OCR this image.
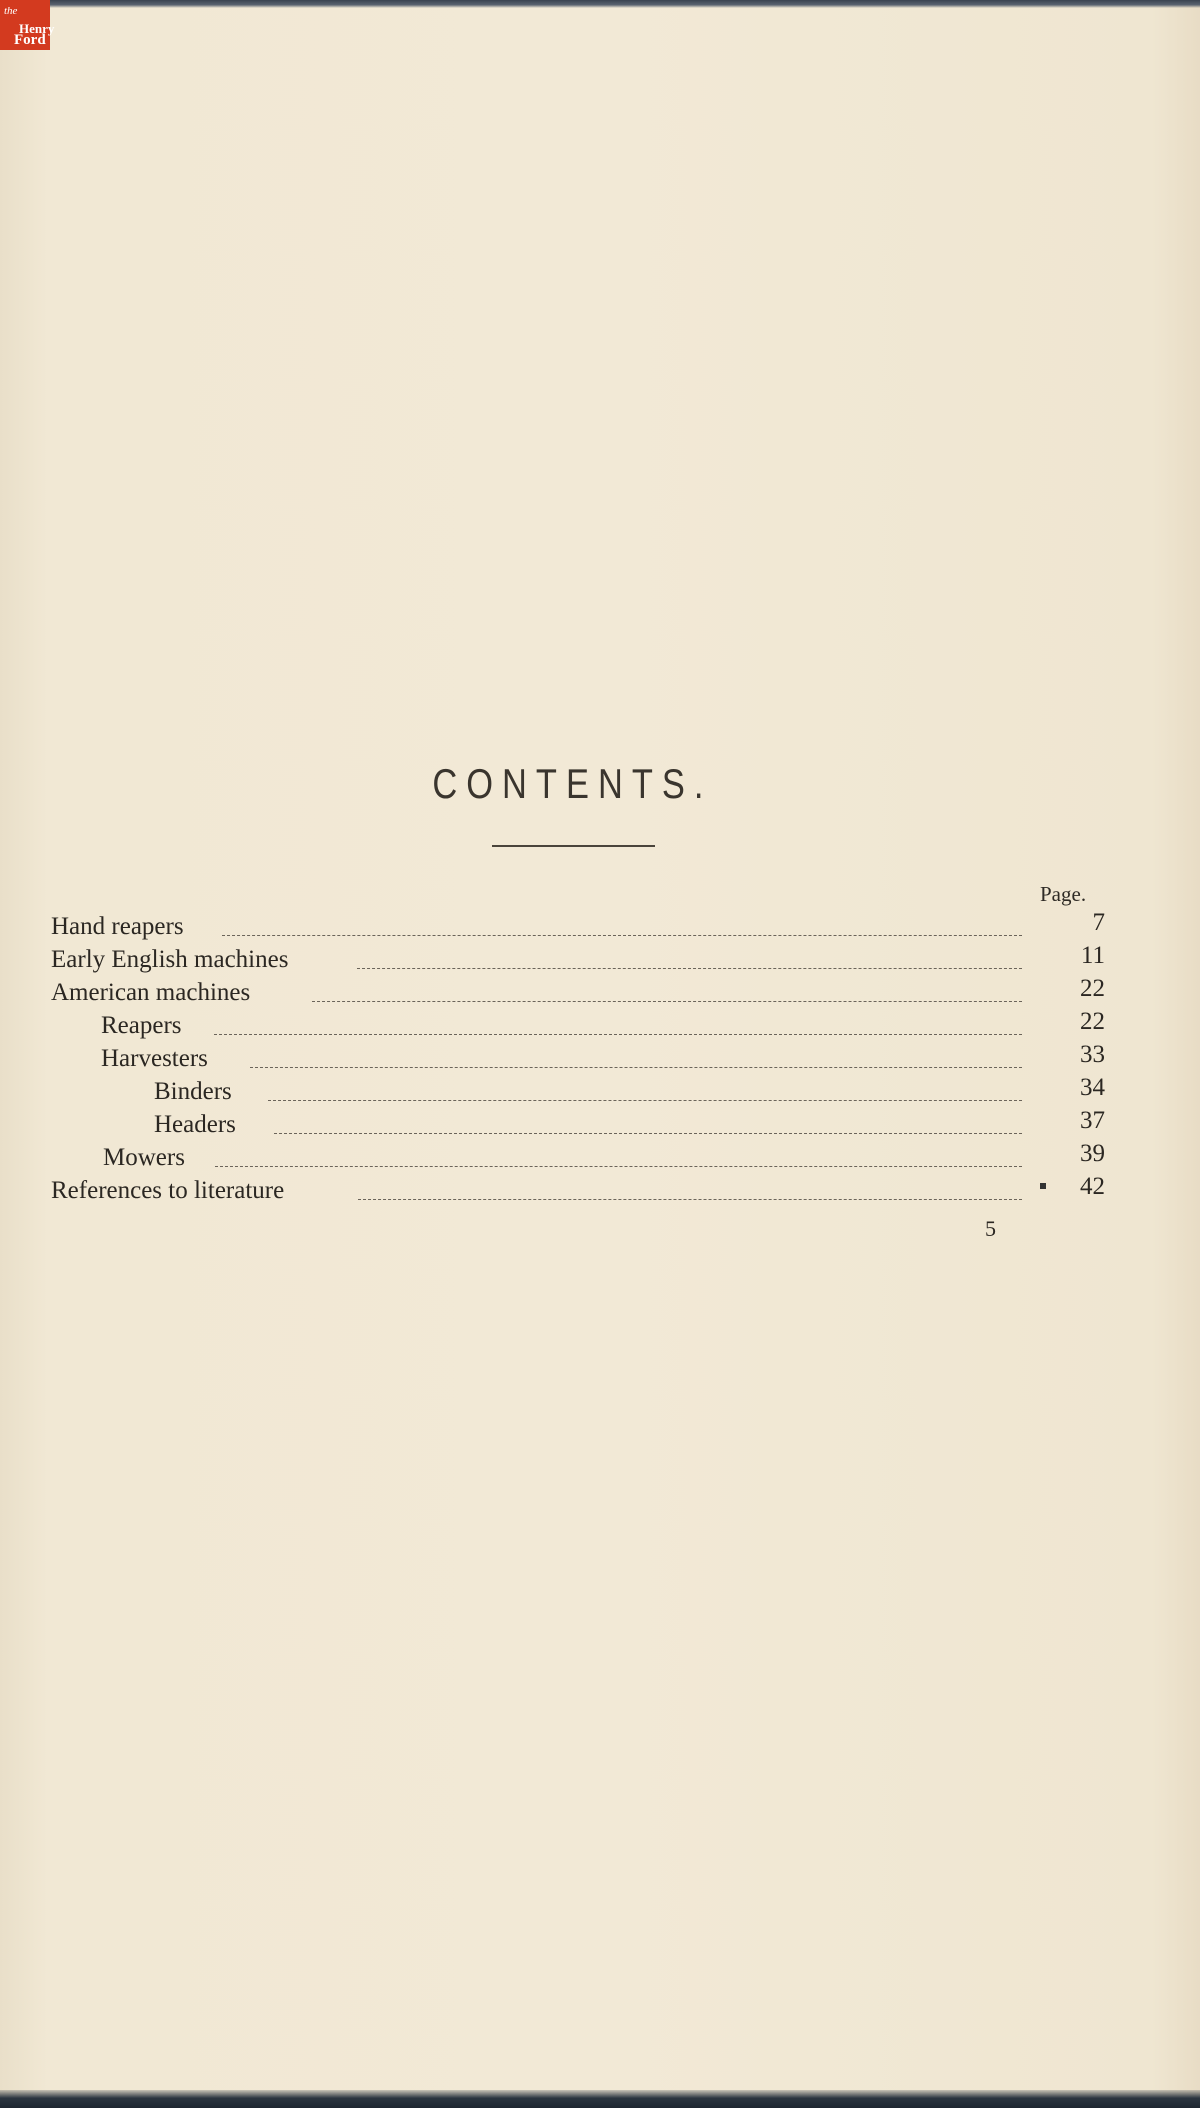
the
Henry
Ford
CONTENTS.
Page.
Hand reapers	7
Early English machines	11
American machines	22
Reapers	22
Harvesters	33
Binders	34
Headers	37
Mowers	39
References to literature	42
5
